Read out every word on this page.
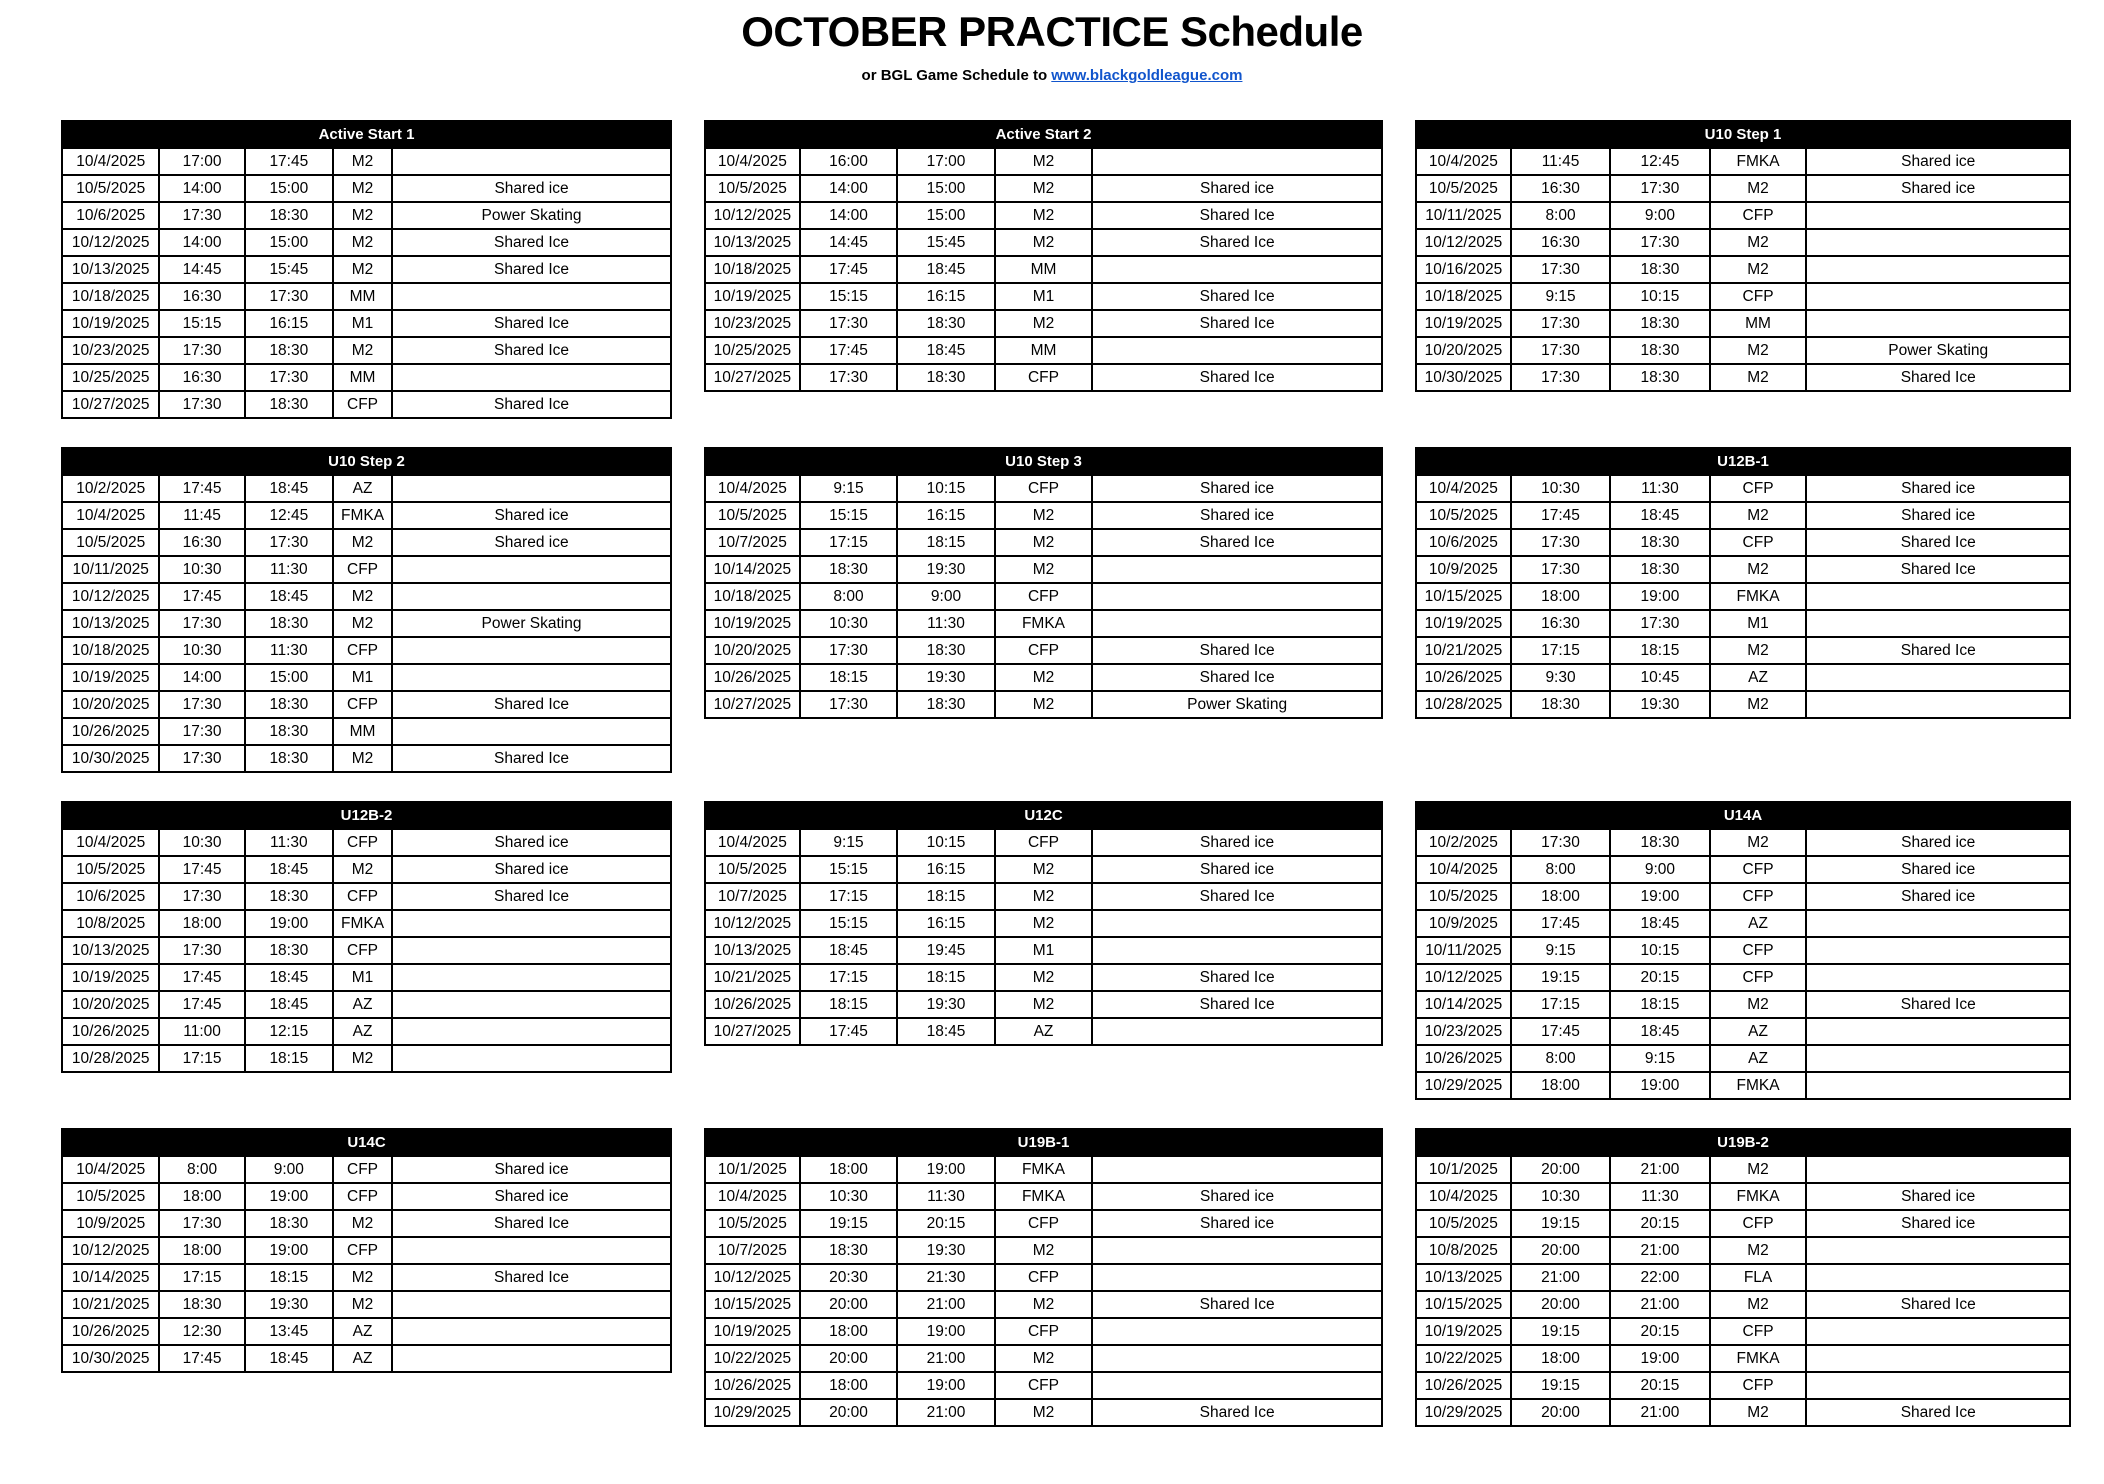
OCTOBER PRACTICE Schedule

or BGL Game Schedule to www.blackgoldleague.com

Active Start 1				
10/4/2025	17:00	17:45	M2	
10/5/2025	14:00	15:00	M2	Shared ice
10/6/2025	17:30	18:30	M2	Power Skating
10/12/2025	14:00	15:00	M2	Shared Ice
10/13/2025	14:45	15:45	M2	Shared Ice
10/18/2025	16:30	17:30	MM	
10/19/2025	15:15	16:15	M1	Shared Ice
10/23/2025	17:30	18:30	M2	Shared Ice
10/25/2025	16:30	17:30	MM	
10/27/2025	17:30	18:30	CFP	Shared Ice
Active Start 2				
10/4/2025	16:00	17:00	M2	
10/5/2025	14:00	15:00	M2	Shared ice
10/12/2025	14:00	15:00	M2	Shared Ice
10/13/2025	14:45	15:45	M2	Shared Ice
10/18/2025	17:45	18:45	MM	
10/19/2025	15:15	16:15	M1	Shared Ice
10/23/2025	17:30	18:30	M2	Shared Ice
10/25/2025	17:45	18:45	MM	
10/27/2025	17:30	18:30	CFP	Shared Ice
U10 Step 1				
10/4/2025	11:45	12:45	FMKA	Shared ice
10/5/2025	16:30	17:30	M2	Shared ice
10/11/2025	8:00	9:00	CFP	
10/12/2025	16:30	17:30	M2	
10/16/2025	17:30	18:30	M2	
10/18/2025	9:15	10:15	CFP	
10/19/2025	17:30	18:30	MM	
10/20/2025	17:30	18:30	M2	Power Skating
10/30/2025	17:30	18:30	M2	Shared Ice
U10 Step 2				
10/2/2025	17:45	18:45	AZ	
10/4/2025	11:45	12:45	FMKA	Shared ice
10/5/2025	16:30	17:30	M2	Shared ice
10/11/2025	10:30	11:30	CFP	
10/12/2025	17:45	18:45	M2	
10/13/2025	17:30	18:30	M2	Power Skating
10/18/2025	10:30	11:30	CFP	
10/19/2025	14:00	15:00	M1	
10/20/2025	17:30	18:30	CFP	Shared Ice
10/26/2025	17:30	18:30	MM	
10/30/2025	17:30	18:30	M2	Shared Ice
U10 Step 3				
10/4/2025	9:15	10:15	CFP	Shared ice
10/5/2025	15:15	16:15	M2	Shared ice
10/7/2025	17:15	18:15	M2	Shared Ice
10/14/2025	18:30	19:30	M2	
10/18/2025	8:00	9:00	CFP	
10/19/2025	10:30	11:30	FMKA	
10/20/2025	17:30	18:30	CFP	Shared Ice
10/26/2025	18:15	19:30	M2	Shared Ice
10/27/2025	17:30	18:30	M2	Power Skating
U12B-1				
10/4/2025	10:30	11:30	CFP	Shared ice
10/5/2025	17:45	18:45	M2	Shared ice
10/6/2025	17:30	18:30	CFP	Shared Ice
10/9/2025	17:30	18:30	M2	Shared Ice
10/15/2025	18:00	19:00	FMKA	
10/19/2025	16:30	17:30	M1	
10/21/2025	17:15	18:15	M2	Shared Ice
10/26/2025	9:30	10:45	AZ	
10/28/2025	18:30	19:30	M2	
U12B-2				
10/4/2025	10:30	11:30	CFP	Shared ice
10/5/2025	17:45	18:45	M2	Shared ice
10/6/2025	17:30	18:30	CFP	Shared Ice
10/8/2025	18:00	19:00	FMKA	
10/13/2025	17:30	18:30	CFP	
10/19/2025	17:45	18:45	M1	
10/20/2025	17:45	18:45	AZ	
10/26/2025	11:00	12:15	AZ	
10/28/2025	17:15	18:15	M2	
U12C				
10/4/2025	9:15	10:15	CFP	Shared ice
10/5/2025	15:15	16:15	M2	Shared ice
10/7/2025	17:15	18:15	M2	Shared Ice
10/12/2025	15:15	16:15	M2	
10/13/2025	18:45	19:45	M1	
10/21/2025	17:15	18:15	M2	Shared Ice
10/26/2025	18:15	19:30	M2	Shared Ice
10/27/2025	17:45	18:45	AZ	
U14A				
10/2/2025	17:30	18:30	M2	Shared ice
10/4/2025	8:00	9:00	CFP	Shared ice
10/5/2025	18:00	19:00	CFP	Shared ice
10/9/2025	17:45	18:45	AZ	
10/11/2025	9:15	10:15	CFP	
10/12/2025	19:15	20:15	CFP	
10/14/2025	17:15	18:15	M2	Shared Ice
10/23/2025	17:45	18:45	AZ	
10/26/2025	8:00	9:15	AZ	
10/29/2025	18:00	19:00	FMKA	
U14C				
10/4/2025	8:00	9:00	CFP	Shared ice
10/5/2025	18:00	19:00	CFP	Shared ice
10/9/2025	17:30	18:30	M2	Shared Ice
10/12/2025	18:00	19:00	CFP	
10/14/2025	17:15	18:15	M2	Shared Ice
10/21/2025	18:30	19:30	M2	
10/26/2025	12:30	13:45	AZ	
10/30/2025	17:45	18:45	AZ	
U19B-1				
10/1/2025	18:00	19:00	FMKA	
10/4/2025	10:30	11:30	FMKA	Shared ice
10/5/2025	19:15	20:15	CFP	Shared ice
10/7/2025	18:30	19:30	M2	
10/12/2025	20:30	21:30	CFP	
10/15/2025	20:00	21:00	M2	Shared Ice
10/19/2025	18:00	19:00	CFP	
10/22/2025	20:00	21:00	M2	
10/26/2025	18:00	19:00	CFP	
10/29/2025	20:00	21:00	M2	Shared Ice
U19B-2				
10/1/2025	20:00	21:00	M2	
10/4/2025	10:30	11:30	FMKA	Shared ice
10/5/2025	19:15	20:15	CFP	Shared ice
10/8/2025	20:00	21:00	M2	
10/13/2025	21:00	22:00	FLA	
10/15/2025	20:00	21:00	M2	Shared Ice
10/19/2025	19:15	20:15	CFP	
10/22/2025	18:00	19:00	FMKA	
10/26/2025	19:15	20:15	CFP	
10/29/2025	20:00	21:00	M2	Shared Ice
